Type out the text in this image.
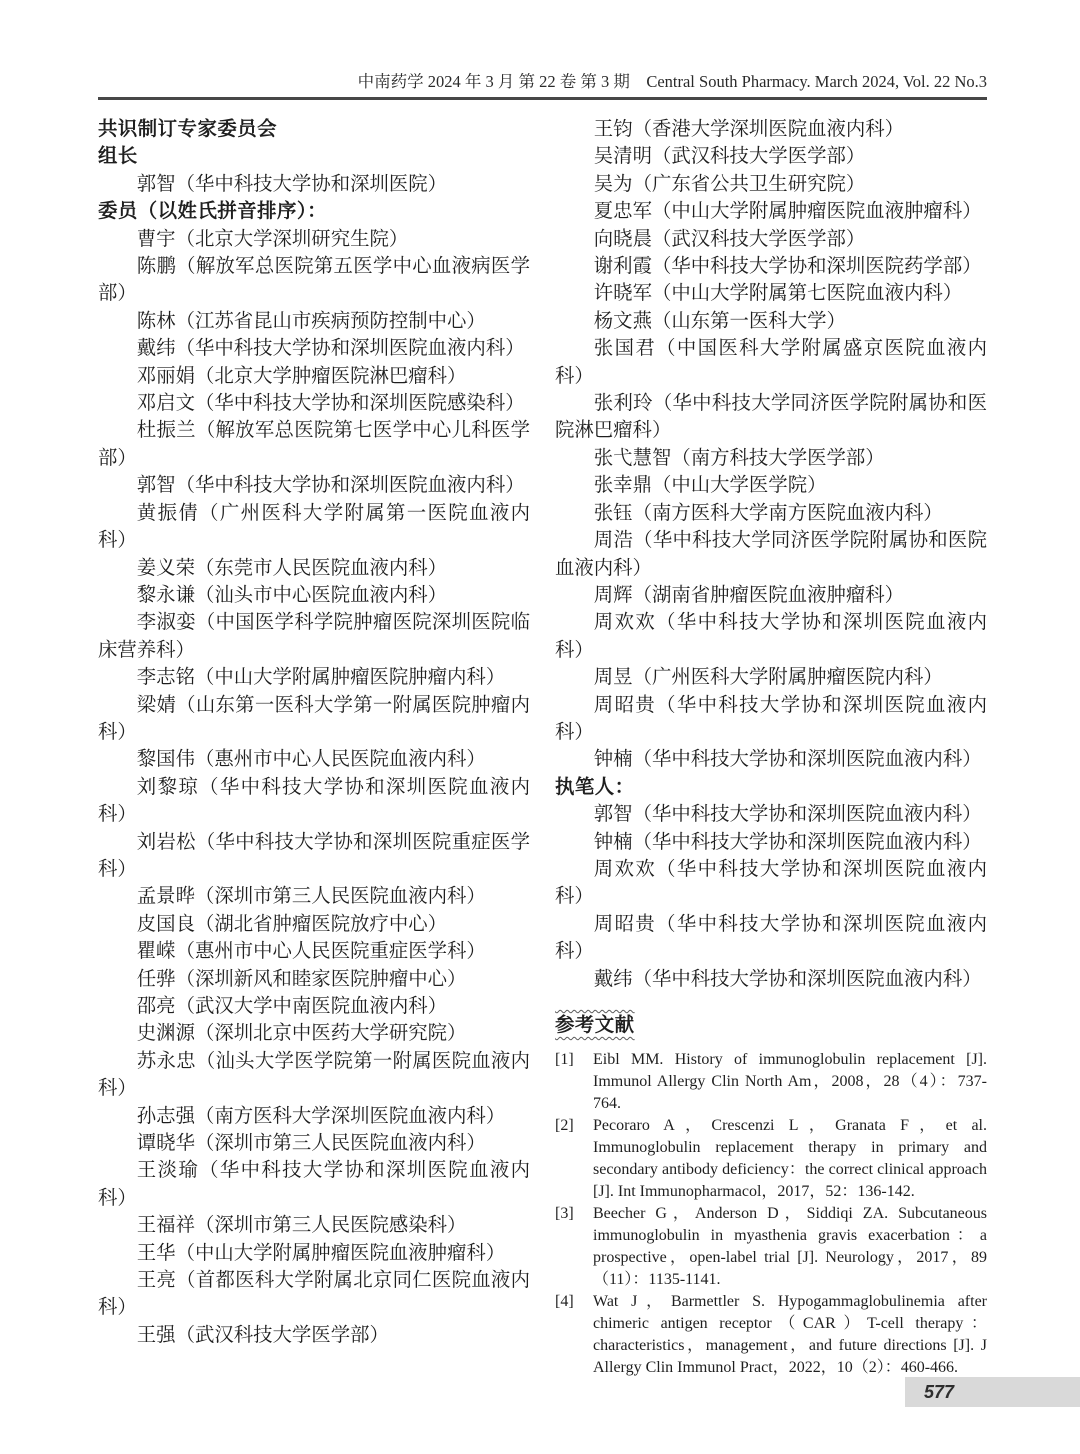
中南药学 2024 年 3 月 第 22 卷 第 3 期　Central South Pharmacy. March 2024, Vol. 22 No.3

共识制订专家委员会

组长

郭智（华中科技大学协和深圳医院）

委员（以姓氏拼音排序）：

曹宇（北京大学深圳研究生院）

陈鹏（解放军总医院第五医学中心血液病医学部）

陈林（江苏省昆山市疾病预防控制中心）

戴纬（华中科技大学协和深圳医院血液内科）

邓丽娟（北京大学肿瘤医院淋巴瘤科）

邓启文（华中科技大学协和深圳医院感染科）

杜振兰（解放军总医院第七医学中心儿科医学部）

郭智（华中科技大学协和深圳医院血液内科）

黄振倩（广州医科大学附属第一医院血液内科）

姜义荣（东莞市人民医院血液内科）

黎永谦（汕头市中心医院血液内科）

李淑娈（中国医学科学院肿瘤医院深圳医院临床营养科）

李志铭（中山大学附属肿瘤医院肿瘤内科）

梁婧（山东第一医科大学第一附属医院肿瘤内科）

黎国伟（惠州市中心人民医院血液内科）

刘黎琼（华中科技大学协和深圳医院血液内科）

刘岩松（华中科技大学协和深圳医院重症医学科）

孟景晔（深圳市第三人民医院血液内科）

皮国良（湖北省肿瘤医院放疗中心）

瞿嵘（惠州市中心人民医院重症医学科）

任骅（深圳新风和睦家医院肿瘤中心）

邵亮（武汉大学中南医院血液内科）

史渊源（深圳北京中医药大学研究院）

苏永忠（汕头大学医学院第一附属医院血液内科）

孙志强（南方医科大学深圳医院血液内科）

谭晓华（深圳市第三人民医院血液内科）

王淡瑜（华中科技大学协和深圳医院血液内科）

王福祥（深圳市第三人民医院感染科）

王华（中山大学附属肿瘤医院血液肿瘤科）

王亮（首都医科大学附属北京同仁医院血液内科）

王强（武汉科技大学医学部）

王钧（香港大学深圳医院血液内科）

吴清明（武汉科技大学医学部）

吴为（广东省公共卫生研究院）

夏忠军（中山大学附属肿瘤医院血液肿瘤科）

向晓晨（武汉科技大学医学部）

谢利霞（华中科技大学协和深圳医院药学部）

许晓军（中山大学附属第七医院血液内科）

杨文燕（山东第一医科大学）

张国君（中国医科大学附属盛京医院血液内科）

张利玲（华中科技大学同济医学院附属协和医院淋巴瘤科）

张弋慧智（南方科技大学医学部）

张幸鼎（中山大学医学院）

张钰（南方医科大学南方医院血液内科）

周浩（华中科技大学同济医学院附属协和医院血液内科）

周辉（湖南省肿瘤医院血液肿瘤科）

周欢欢（华中科技大学协和深圳医院血液内科）

周昱（广州医科大学附属肿瘤医院内科）

周昭贵（华中科技大学协和深圳医院血液内科）

钟楠（华中科技大学协和深圳医院血液内科）

执笔人：

郭智（华中科技大学协和深圳医院血液内科）

钟楠（华中科技大学协和深圳医院血液内科）

周欢欢（华中科技大学协和深圳医院血液内科）

周昭贵（华中科技大学协和深圳医院血液内科）

戴纬（华中科技大学协和深圳医院血液内科）

参考文献

[1] Eibl MM. History of immunoglobulin replacement [J]. Immunol Allergy Clin North Am，2008，28（4）：737-764.
[2] Pecoraro A，Crescenzi L，Granata F，et al. Immunoglobulin replacement therapy in primary and secondary antibody deficiency：the correct clinical approach [J]. Int Immunopharmacol，2017，52：136-142.
[3] Beecher G，Anderson D，Siddiqi ZA. Subcutaneous immunoglobulin in myasthenia gravis exacerbation：a prospective，open-label trial [J]. Neurology，2017，89（11）：1135-1141.
[4] Wat J，Barmettler S. Hypogammaglobulinemia after chimeric antigen receptor（CAR）T-cell therapy：characteristics，management，and future directions [J]. J Allergy Clin Immunol Pract，2022，10（2）：460-466.
577
